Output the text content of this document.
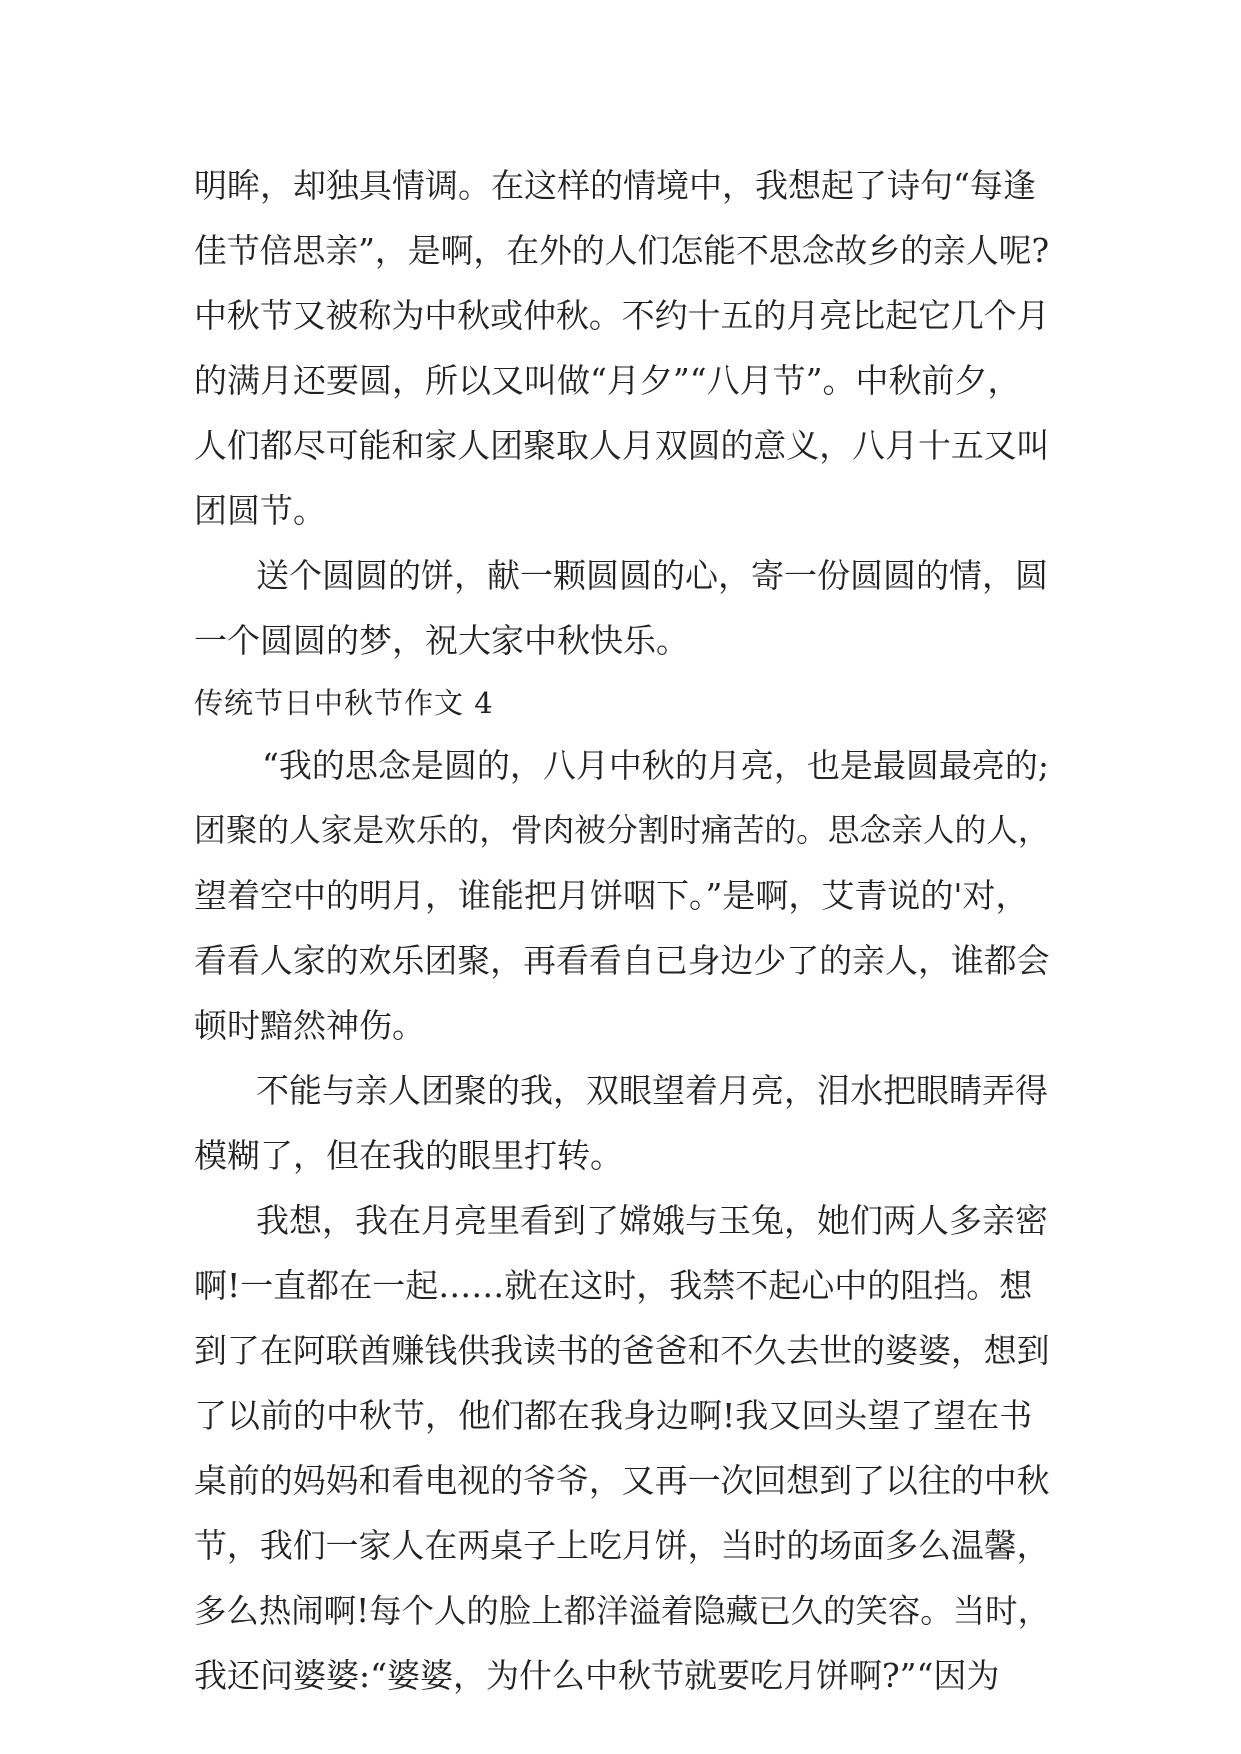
明眸，却独具情调。在这样的情境中，我想起了诗句“每逢
佳节倍思亲”，是啊，在外的人们怎能不思念故乡的亲人呢?
中秋节又被称为中秋或仲秋。不约十五的月亮比起它几个月
的满月还要圆，所以又叫做“月夕”“八月节”。中秋前夕，
人们都尽可能和家人团聚取人月双圆的意义，八月十五又叫
团圆节。
送个圆圆的饼，献一颗圆圆的心，寄一份圆圆的情，圆
一个圆圆的梦，祝大家中秋快乐。
传统节日中秋节作文 4
“我的思念是圆的，八月中秋的月亮，也是最圆最亮的;
团聚的人家是欢乐的，骨肉被分割时痛苦的。思念亲人的人，
望着空中的明月，谁能把月饼咽下。”是啊，艾青说的'对，
看看人家的欢乐团聚，再看看自已身边少了的亲人，谁都会
顿时黯然神伤。
不能与亲人团聚的我，双眼望着月亮，泪水把眼睛弄得
模糊了，但在我的眼里打转。
我想，我在月亮里看到了嫦娥与玉兔，她们两人多亲密
啊!一直都在一起……就在这时，我禁不起心中的阻挡。想
到了在阿联酋赚钱供我读书的爸爸和不久去世的婆婆，想到
了以前的中秋节，他们都在我身边啊!我又回头望了望在书
桌前的妈妈和看电视的爷爷，又再一次回想到了以往的中秋
节，我们一家人在两桌子上吃月饼，当时的场面多么温馨，
多么热闹啊!每个人的脸上都洋溢着隐藏已久的笑容。当时，
我还问婆婆:“婆婆，为什么中秋节就要吃月饼啊?”“因为
